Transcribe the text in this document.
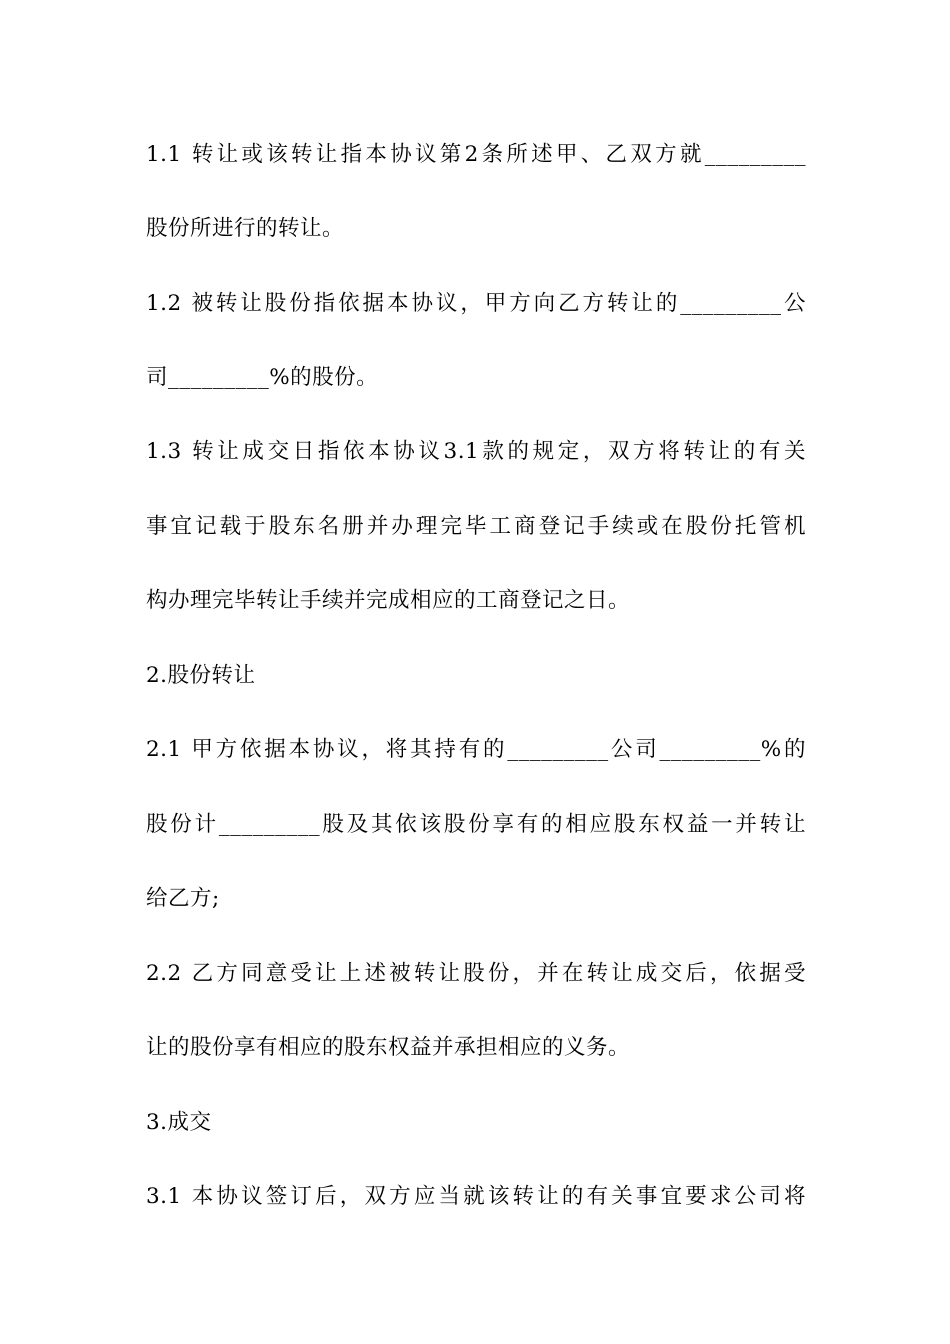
1.1 转让或该转让指本协议第2条所述甲、乙双方就_________
股份所进行的转让。
1.2 被转让股份指依据本协议，甲方向乙方转让的_________公
司_________%的股份。
1.3 转让成交日指依本协议3.1款的规定，双方将转让的有关
事宜记载于股东名册并办理完毕工商登记手续或在股份托管机
构办理完毕转让手续并完成相应的工商登记之日。
2.股份转让
2.1 甲方依据本协议，将其持有的_________公司_________%的
股份计_________股及其依该股份享有的相应股东权益一并转让
给乙方;
2.2 乙方同意受让上述被转让股份，并在转让成交后，依据受
让的股份享有相应的股东权益并承担相应的义务。
3.成交
3.1 本协议签订后，双方应当就该转让的有关事宜要求公司将
